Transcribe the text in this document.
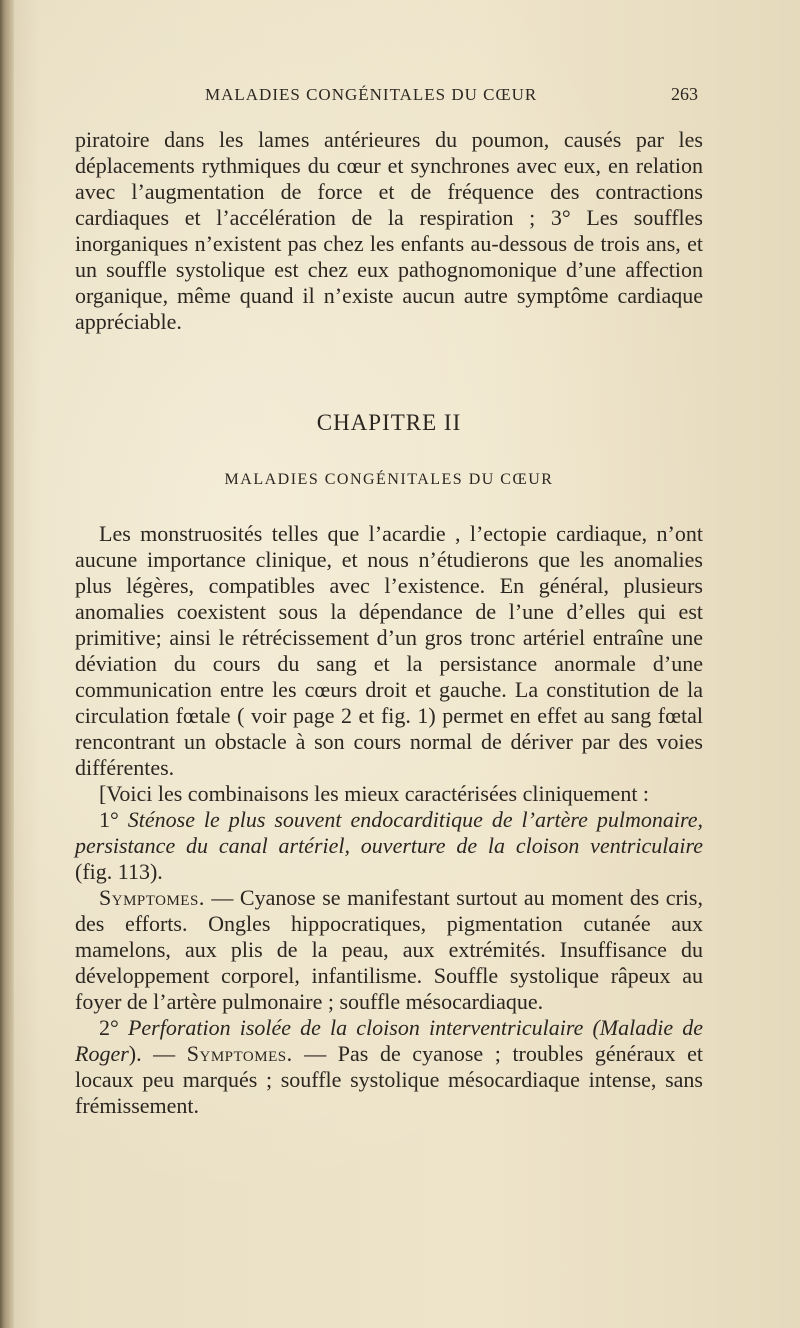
MALADIES CONGÉNITALES DU CŒUR	263

piratoire dans les lames antérieures du poumon, causés par les déplacements rythmiques du cœur et synchrones avec eux, en relation avec l’augmentation de force et de fréquence des contractions cardiaques et l’accélération de la respiration ; 3° Les souffles inorganiques n’existent pas chez les enfants au-dessous de trois ans, et un souffle systolique est chez eux pathognomonique d’une affection organique, même quand il n’existe aucun autre symptôme cardiaque appréciable.

CHAPITRE II
MALADIES CONGÉNITALES DU CŒUR

Les monstruosités telles que l’acardie , l’ectopie cardiaque, n’ont aucune importance clinique, et nous n’étudierons que les anomalies plus légères, compatibles avec l’existence. En général, plusieurs anomalies coexistent sous la dépendance de l’une d’elles qui est primitive; ainsi le rétrécissement d’un gros tronc artériel entraîne une déviation du cours du sang et la persistance anormale d’une communication entre les cœurs droit et gauche. La constitution de la circulation fœtale ( voir page 2 et fig. 1) permet en effet au sang fœtal rencontrant un obstacle à son cours normal de dériver par des voies différentes.

[Voici les combinaisons les mieux caractérisées cliniquement :

1° Sténose le plus souvent endocarditique de l’artère pulmonaire, persistance du canal artériel, ouverture de la cloison ventriculaire (fig. 113).

Symptomes. — Cyanose se manifestant surtout au moment des cris, des efforts. Ongles hippocratiques, pigmentation cutanée aux mamelons, aux plis de la peau, aux extrémités. Insuffisance du développement corporel, infantilisme. Souffle systolique râpeux au foyer de l’artère pulmonaire ; souffle mésocardiaque.

2° Perforation isolée de la cloison interventriculaire (Maladie de Roger). — Symptomes. — Pas de cyanose ; troubles généraux et locaux peu marqués ; souffle systolique mésocardiaque intense, sans frémissement.
